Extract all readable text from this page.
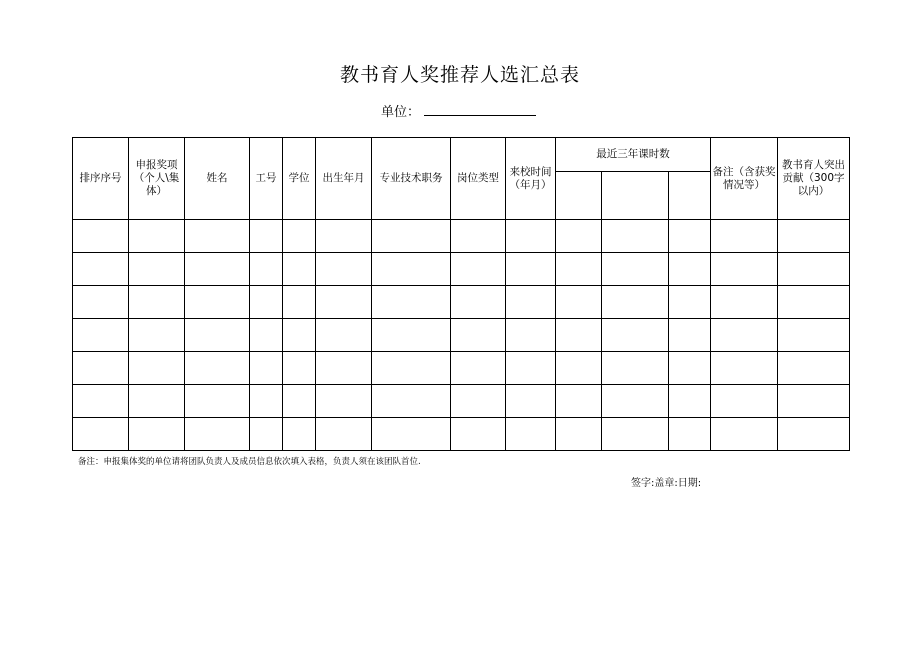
教书育人奖推荐人选汇总表
单位：
排序序号	申报奖项（个人\集体）	姓名	工号	学位	出生年月	专业技术职务	岗位类型	来校时间（年月）	最近三年课时数			备注（含获奖情况等）	教书育人突出贡献（300字以内）

备注：申报集体奖的单位请将团队负责人及成员信息依次填入表格，负责人须在该团队首位.
签字:盖章:日期:
